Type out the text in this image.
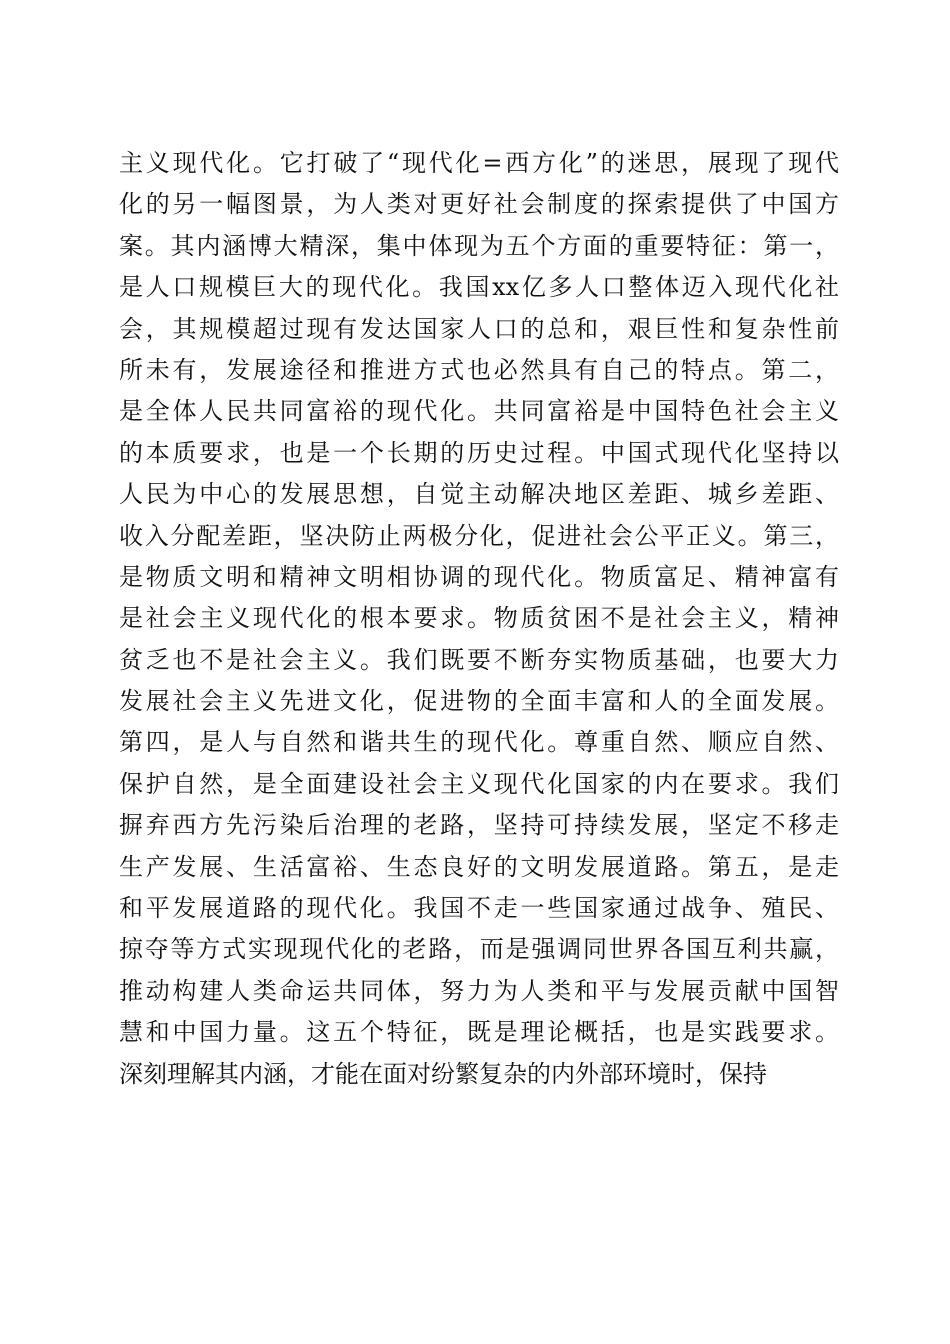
主义现代化。它打破了“现代化=西方化”的迷思，展现了现代
化的另一幅图景，为人类对更好社会制度的探索提供了中国方
案。其内涵博大精深，集中体现为五个方面的重要特征：第一，
是人口规模巨大的现代化。我国xx亿多人口整体迈入现代化社
会，其规模超过现有发达国家人口的总和，艰巨性和复杂性前
所未有，发展途径和推进方式也必然具有自己的特点。第二，
是全体人民共同富裕的现代化。共同富裕是中国特色社会主义
的本质要求，也是一个长期的历史过程。中国式现代化坚持以
人民为中心的发展思想，自觉主动解决地区差距、城乡差距、
收入分配差距，坚决防止两极分化，促进社会公平正义。第三，
是物质文明和精神文明相协调的现代化。物质富足、精神富有
是社会主义现代化的根本要求。物质贫困不是社会主义，精神
贫乏也不是社会主义。我们既要不断夯实物质基础，也要大力
发展社会主义先进文化，促进物的全面丰富和人的全面发展。
第四，是人与自然和谐共生的现代化。尊重自然、顺应自然、
保护自然，是全面建设社会主义现代化国家的内在要求。我们
摒弃西方先污染后治理的老路，坚持可持续发展，坚定不移走
生产发展、生活富裕、生态良好的文明发展道路。第五，是走
和平发展道路的现代化。我国不走一些国家通过战争、殖民、
掠夺等方式实现现代化的老路，而是强调同世界各国互利共赢，
推动构建人类命运共同体，努力为人类和平与发展贡献中国智
慧和中国力量。这五个特征，既是理论概括，也是实践要求。
深刻理解其内涵，才能在面对纷繁复杂的内外部环境时，保持
